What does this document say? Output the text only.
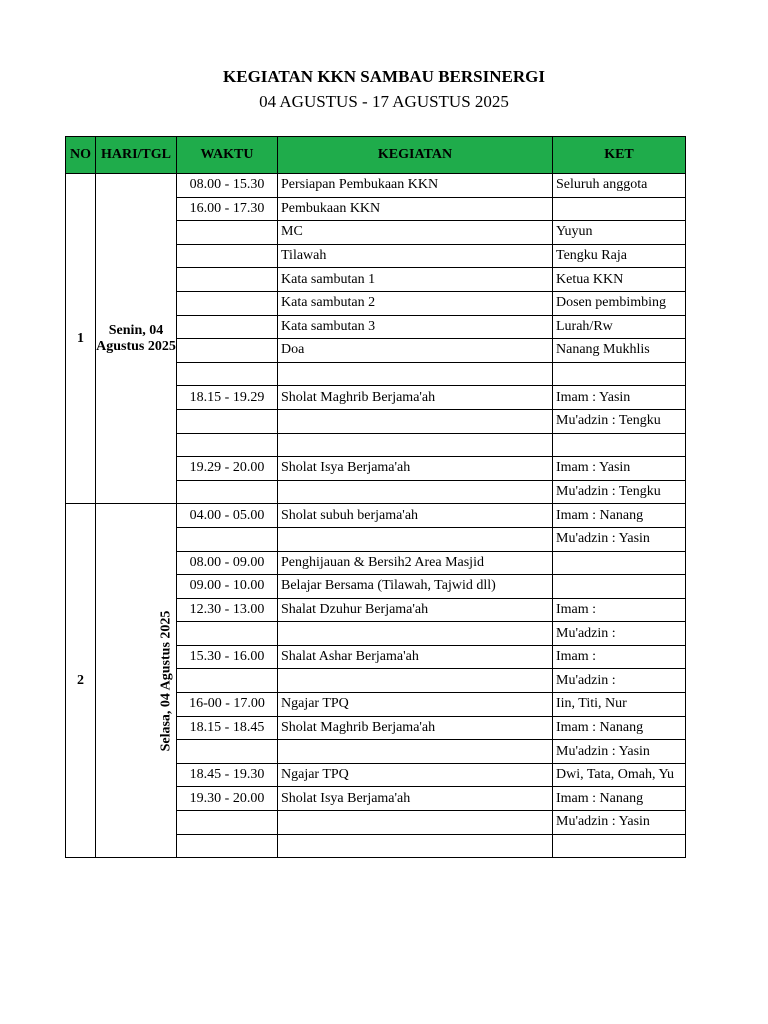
KEGIATAN KKN SAMBAU BERSINERGI
04 AGUSTUS - 17 AGUSTUS 2025
NO	HARI/TGL	WAKTU	KEGIATAN	KET
1	Senin, 04 Agustus 2025	08.00 - 15.30	Persiapan Pembukaan KKN	Seluruh anggota
		16.00 - 17.30	Pembukaan KKN	
			MC	Yuyun
			Tilawah	Tengku Raja
			Kata sambutan 1	Ketua KKN
			Kata sambutan 2	Dosen pembimbing
			Kata sambutan 3	Lurah/Rw
			Doa	Nanang Mukhlis

		18.15 - 19.29	Sholat Maghrib Berjama'ah	Imam : Yasin
				Mu'adzin : Tengku

		19.29 - 20.00	Sholat Isya Berjama'ah	Imam : Yasin
				Mu'adzin : Tengku
2	Selasa, 04 Agustus 2025	04.00 - 05.00	Sholat subuh berjama'ah	Imam : Nanang
				Mu'adzin : Yasin
		08.00 - 09.00	Penghijauan & Bersih2 Area Masjid	
		09.00 - 10.00	Belajar Bersama (Tilawah, Tajwid dll)	
		12.30 - 13.00	Shalat Dzuhur Berjama'ah	Imam :
				Mu'adzin :
		15.30 - 16.00	Shalat Ashar Berjama'ah	Imam :
				Mu'adzin :
		16-00 - 17.00	Ngajar TPQ	Iin, Titi, Nur
		18.15 - 18.45	Sholat Maghrib Berjama'ah	Imam : Nanang
				Mu'adzin : Yasin
		18.45 - 19.30	Ngajar TPQ	Dwi, Tata, Omah, Yu
		19.30 - 20.00	Sholat Isya Berjama'ah	Imam : Nanang
				Mu'adzin : Yasin
